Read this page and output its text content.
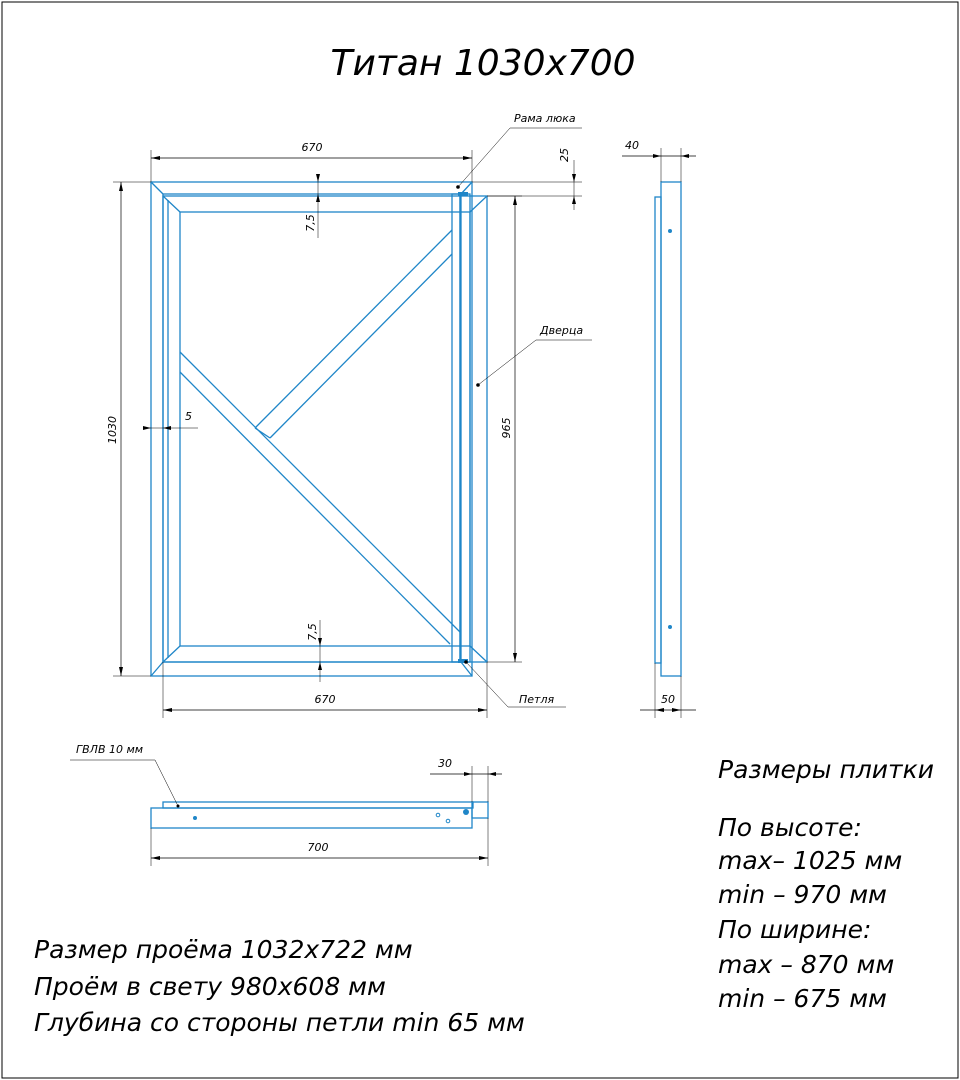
Титан 1030х700
670
1030	5
7,5
7,5
25
965
670
Рама люка
Дверца
Петля
40
50
ГВЛВ 10 мм
30
700
Размеры плитки
По высоте:
max– 1025 мм
min – 970 мм
По ширине:
max – 870 мм
min – 675 мм
Размер проёма 1032х722 мм
Проём в свету 980х608 мм
Глубина со стороны петли min 65 мм
